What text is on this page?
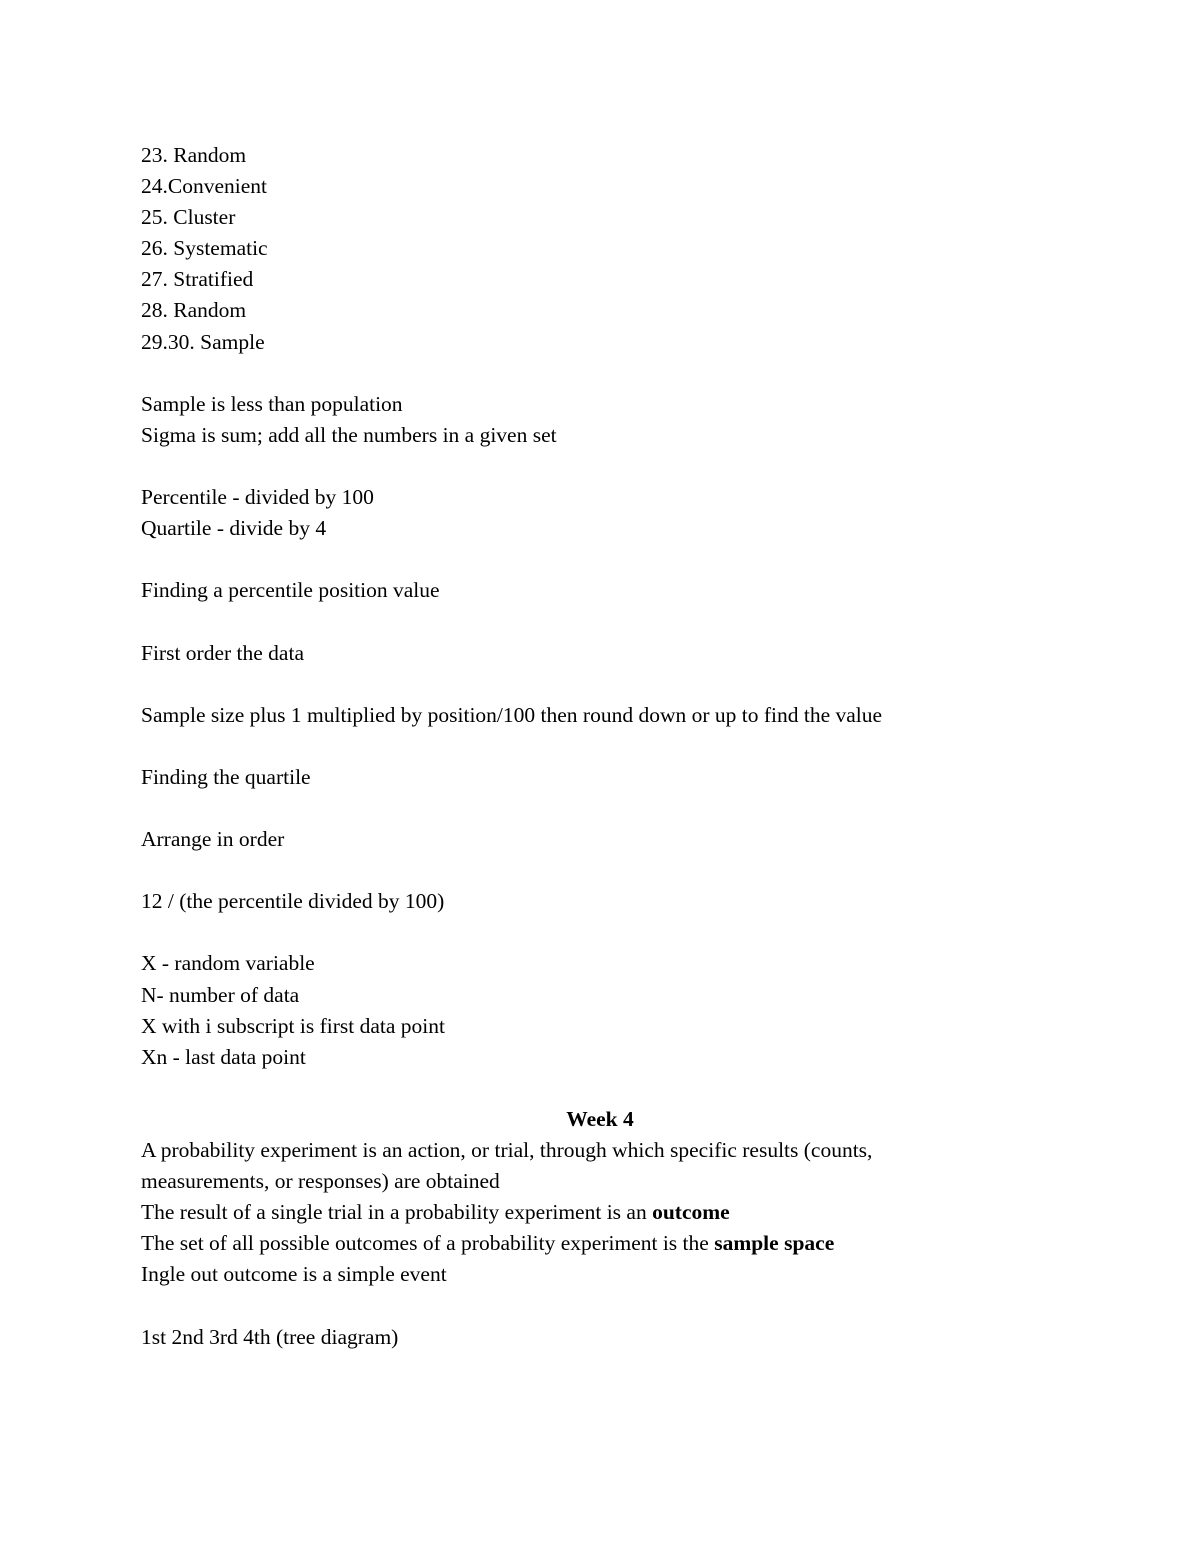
23. Random
24.Convenient
25. Cluster
26. Systematic
27. Stratified
28. Random
29.30. Sample
Sample is less than population
Sigma is sum; add all the numbers in a given set
Percentile - divided by 100
Quartile - divide by 4
Finding a percentile position value
First order the data
Sample size plus 1 multiplied by position/100 then round down or up to find the value
Finding the quartile
Arrange in order
12 / (the percentile divided by 100)
X - random variable
N- number of data
X with i subscript is first data point
Xn - last data point
Week 4
A probability experiment is an action, or trial, through which specific results (counts,
measurements, or responses) are obtained
The result of a single trial in a probability experiment is an outcome
The set of all possible outcomes of a probability experiment is the sample space
Ingle out outcome is a simple event
1st 2nd 3rd 4th (tree diagram)
